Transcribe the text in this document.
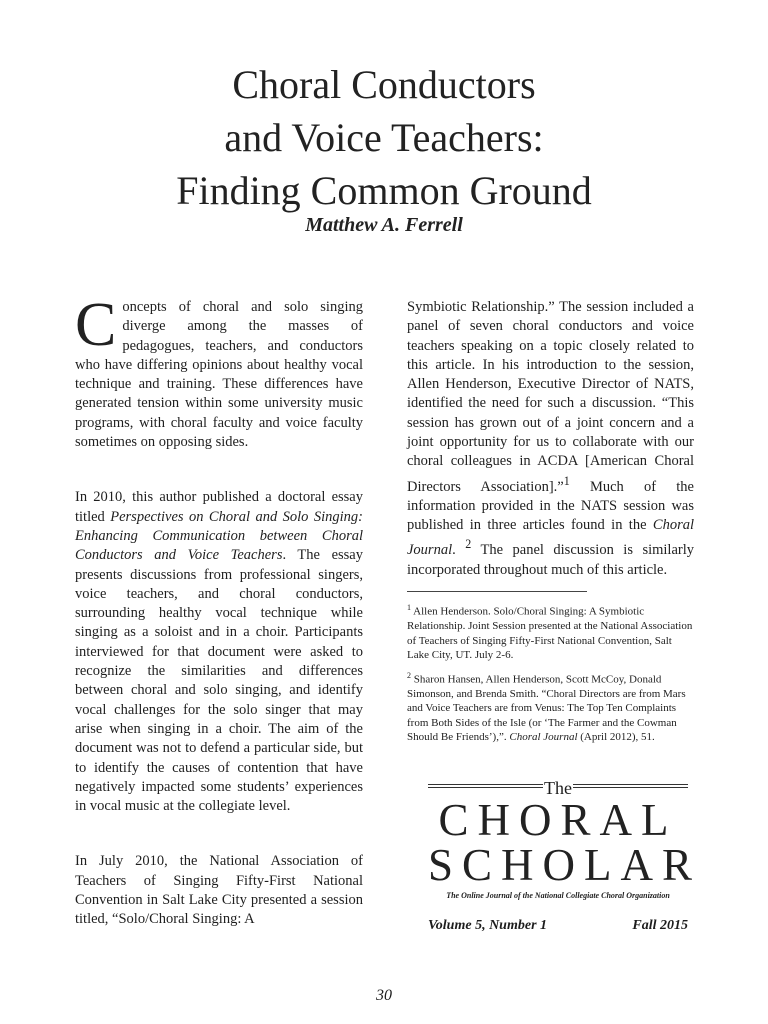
Choral Conductors
and Voice Teachers:
Finding Common Ground
Matthew A. Ferrell

Concepts of choral and solo singing diverge among the masses of pedagogues, teachers, and conductors who have differing opinions about healthy vocal technique and training. These differences have generated tension within some university music programs, with choral faculty and voice faculty sometimes on opposing sides.

In 2010, this author published a doctoral essay titled Perspectives on Choral and Solo Singing: Enhancing Communication between Choral Conductors and Voice Teachers. The essay presents discussions from professional singers, voice teachers, and choral conductors, surrounding healthy vocal technique while singing as a soloist and in a choir. Participants interviewed for that document were asked to recognize the similarities and differences between choral and solo singing, and identify vocal challenges for the solo singer that may arise when singing in a choir. The aim of the document was not to defend a particular side, but to identify the causes of contention that have negatively impacted some students’ experiences in vocal music at the collegiate level.

In July 2010, the National Association of Teachers of Singing Fifty-First National Convention in Salt Lake City presented a session titled, “Solo/Choral Singing: A

Symbiotic Relationship.” The session included a panel of seven choral conductors and voice teachers speaking on a topic closely related to this article. In his introduction to the session, Allen Henderson, Executive Director of NATS, identified the need for such a discussion. “This session has grown out of a joint concern and a joint opportunity for us to collaborate with our choral colleagues in ACDA [American Choral Directors Association].”$^1$ Much of the information provided in the NATS session was published in three articles found in the Choral Journal. $^2$ The panel discussion is similarly incorporated throughout much of this article.

$^1$ Allen Henderson. Solo/Choral Singing: A Symbiotic Relationship. Joint Session presented at the National Association of Teachers of Singing Fifty-First National Convention, Salt Lake City, UT. July 2-6.
$^2$ Sharon Hansen, Allen Henderson, Scott McCoy, Donald Simonson, and Brenda Smith. “Choral Directors are from Mars and Voice Teachers are from Venus: The Top Ten Complaints from Both Sides of the Isle (or ‘The Farmer and the Cowman Should Be Friends’),”. Choral Journal (April 2012), 51.
The
CHORAL
SCHOLAR
The Online Journal of the National Collegiate Choral Organization
Volume 5, Number 1	Fall 2015
30
